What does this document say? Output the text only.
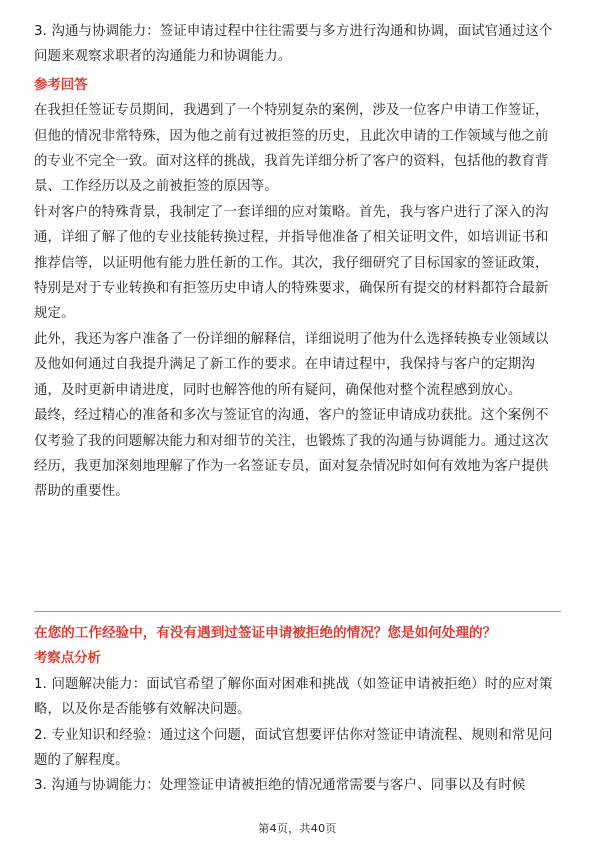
3. 沟通与协调能力：签证申请过程中往往需要与多方进行沟通和协调，面试官通过这个问题来观察求职者的沟通能力和协调能力。

参考回答

在我担任签证专员期间，我遇到了一个特别复杂的案例，涉及一位客户申请工作签证，但他的情况非常特殊，因为他之前有过被拒签的历史，且此次申请的工作领域与他之前的专业不完全一致。面对这样的挑战，我首先详细分析了客户的资料，包括他的教育背景、工作经历以及之前被拒签的原因等。

针对客户的特殊背景，我制定了一套详细的应对策略。首先，我与客户进行了深入的沟通，详细了解了他的专业技能转换过程，并指导他准备了相关证明文件，如培训证书和推荐信等，以证明他有能力胜任新的工作。其次，我仔细研究了目标国家的签证政策，特别是对于专业转换和有拒签历史申请人的特殊要求，确保所有提交的材料都符合最新规定。

此外，我还为客户准备了一份详细的解释信，详细说明了他为什么选择转换专业领域以及他如何通过自我提升满足了新工作的要求。在申请过程中，我保持与客户的定期沟通，及时更新申请进度，同时也解答他的所有疑问，确保他对整个流程感到放心。

最终，经过精心的准备和多次与签证官的沟通，客户的签证申请成功获批。这个案例不仅考验了我的问题解决能力和对细节的关注，也锻炼了我的沟通与协调能力。通过这次经历，我更加深刻地理解了作为一名签证专员，面对复杂情况时如何有效地为客户提供帮助的重要性。

在您的工作经验中，有没有遇到过签证申请被拒绝的情况？您是如何处理的？

考察点分析

1. 问题解决能力：面试官希望了解你面对困难和挑战（如签证申请被拒绝）时的应对策略，以及你是否能够有效解决问题。

2. 专业知识和经验：通过这个问题，面试官想要评估你对签证申请流程、规则和常见问题的了解程度。

3. 沟通与协调能力：处理签证申请被拒绝的情况通常需要与客户、同事以及有时候

第4页，共40页
